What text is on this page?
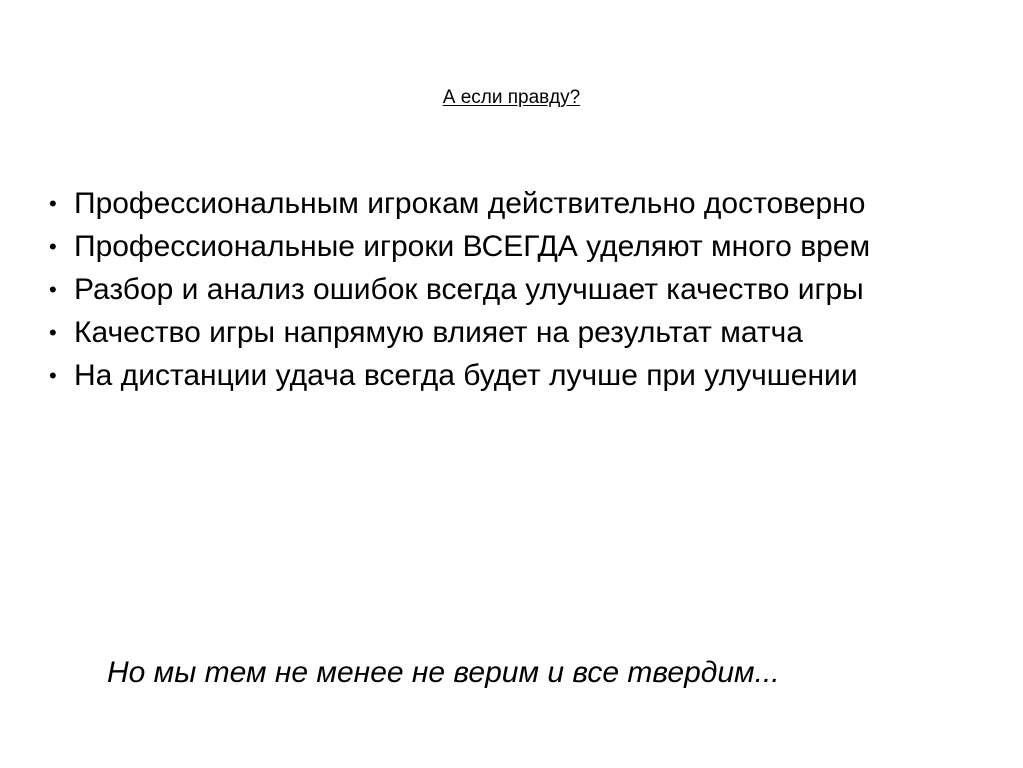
А если правду?
• Профессиональным игрокам действительно достоверно
• Профессиональные игроки ВСЕГДА уделяют много врем
• Разбор и анализ ошибок всегда улучшает качество игры
• Качество игры напрямую влияет на результат матча
• На дистанции удача всегда будет лучше при улучшении
Но мы тем не менее не верим и все твердим...
